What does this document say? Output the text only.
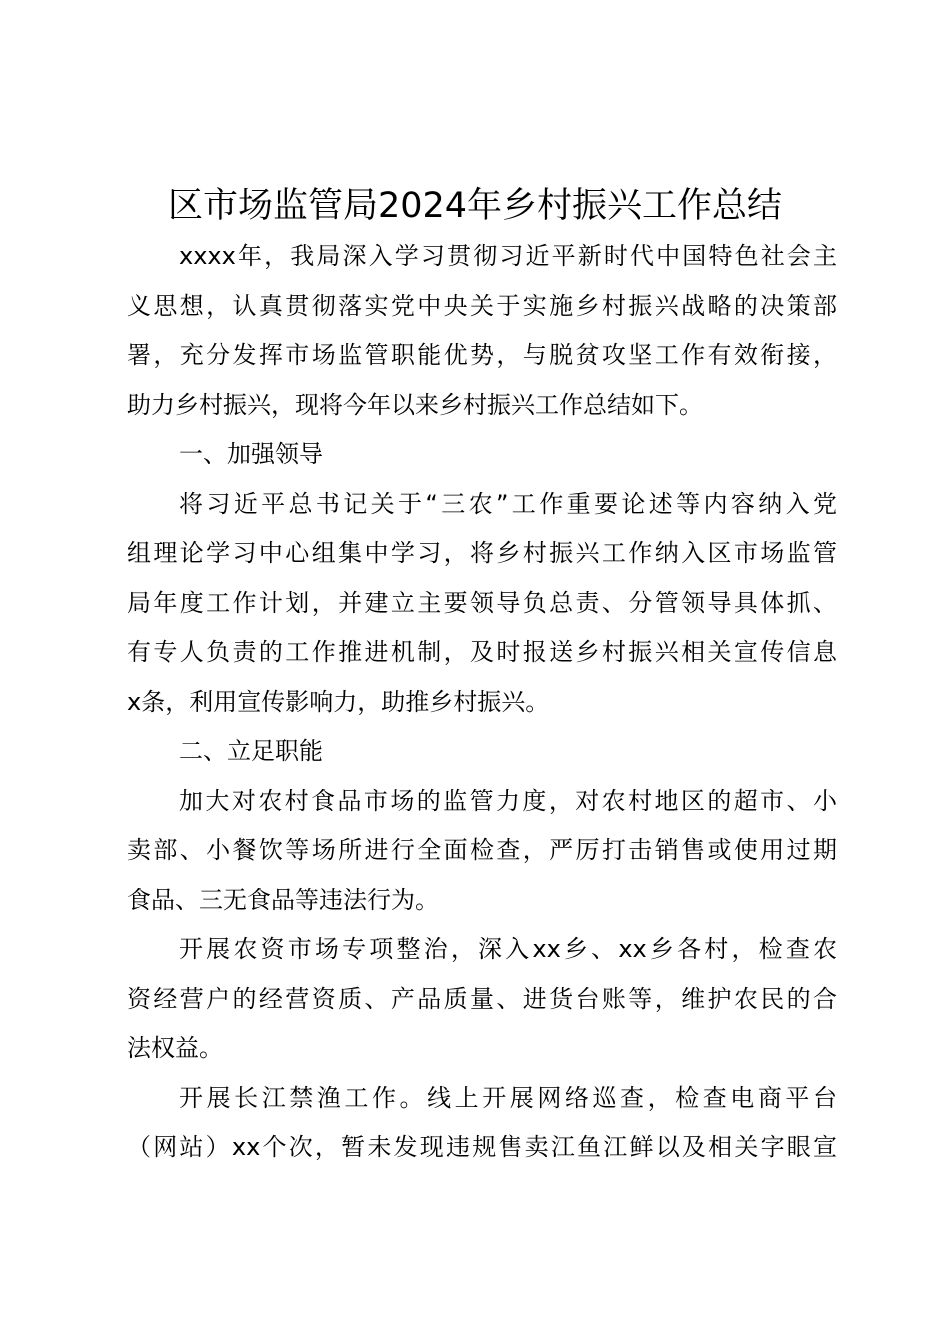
区市场监管局2024年乡村振兴工作总结
xxxx年，我局深入学习贯彻习近平新时代中国特色社会主
义思想，认真贯彻落实党中央关于实施乡村振兴战略的决策部
署，充分发挥市场监管职能优势，与脱贫攻坚工作有效衔接，
助力乡村振兴，现将今年以来乡村振兴工作总结如下。
一、加强领导
将习近平总书记关于“三农”工作重要论述等内容纳入党
组理论学习中心组集中学习，将乡村振兴工作纳入区市场监管
局年度工作计划，并建立主要领导负总责、分管领导具体抓、
有专人负责的工作推进机制，及时报送乡村振兴相关宣传信息
x条，利用宣传影响力，助推乡村振兴。
二、立足职能
加大对农村食品市场的监管力度，对农村地区的超市、小
卖部、小餐饮等场所进行全面检查，严厉打击销售或使用过期
食品、三无食品等违法行为。
开展农资市场专项整治，深入xx乡、xx乡各村，检查农
资经营户的经营资质、产品质量、进货台账等，维护农民的合
法权益。
开展长江禁渔工作。线上开展网络巡查，检查电商平台
（网站）xx个次，暂未发现违规售卖江鱼江鲜以及相关字眼宣
